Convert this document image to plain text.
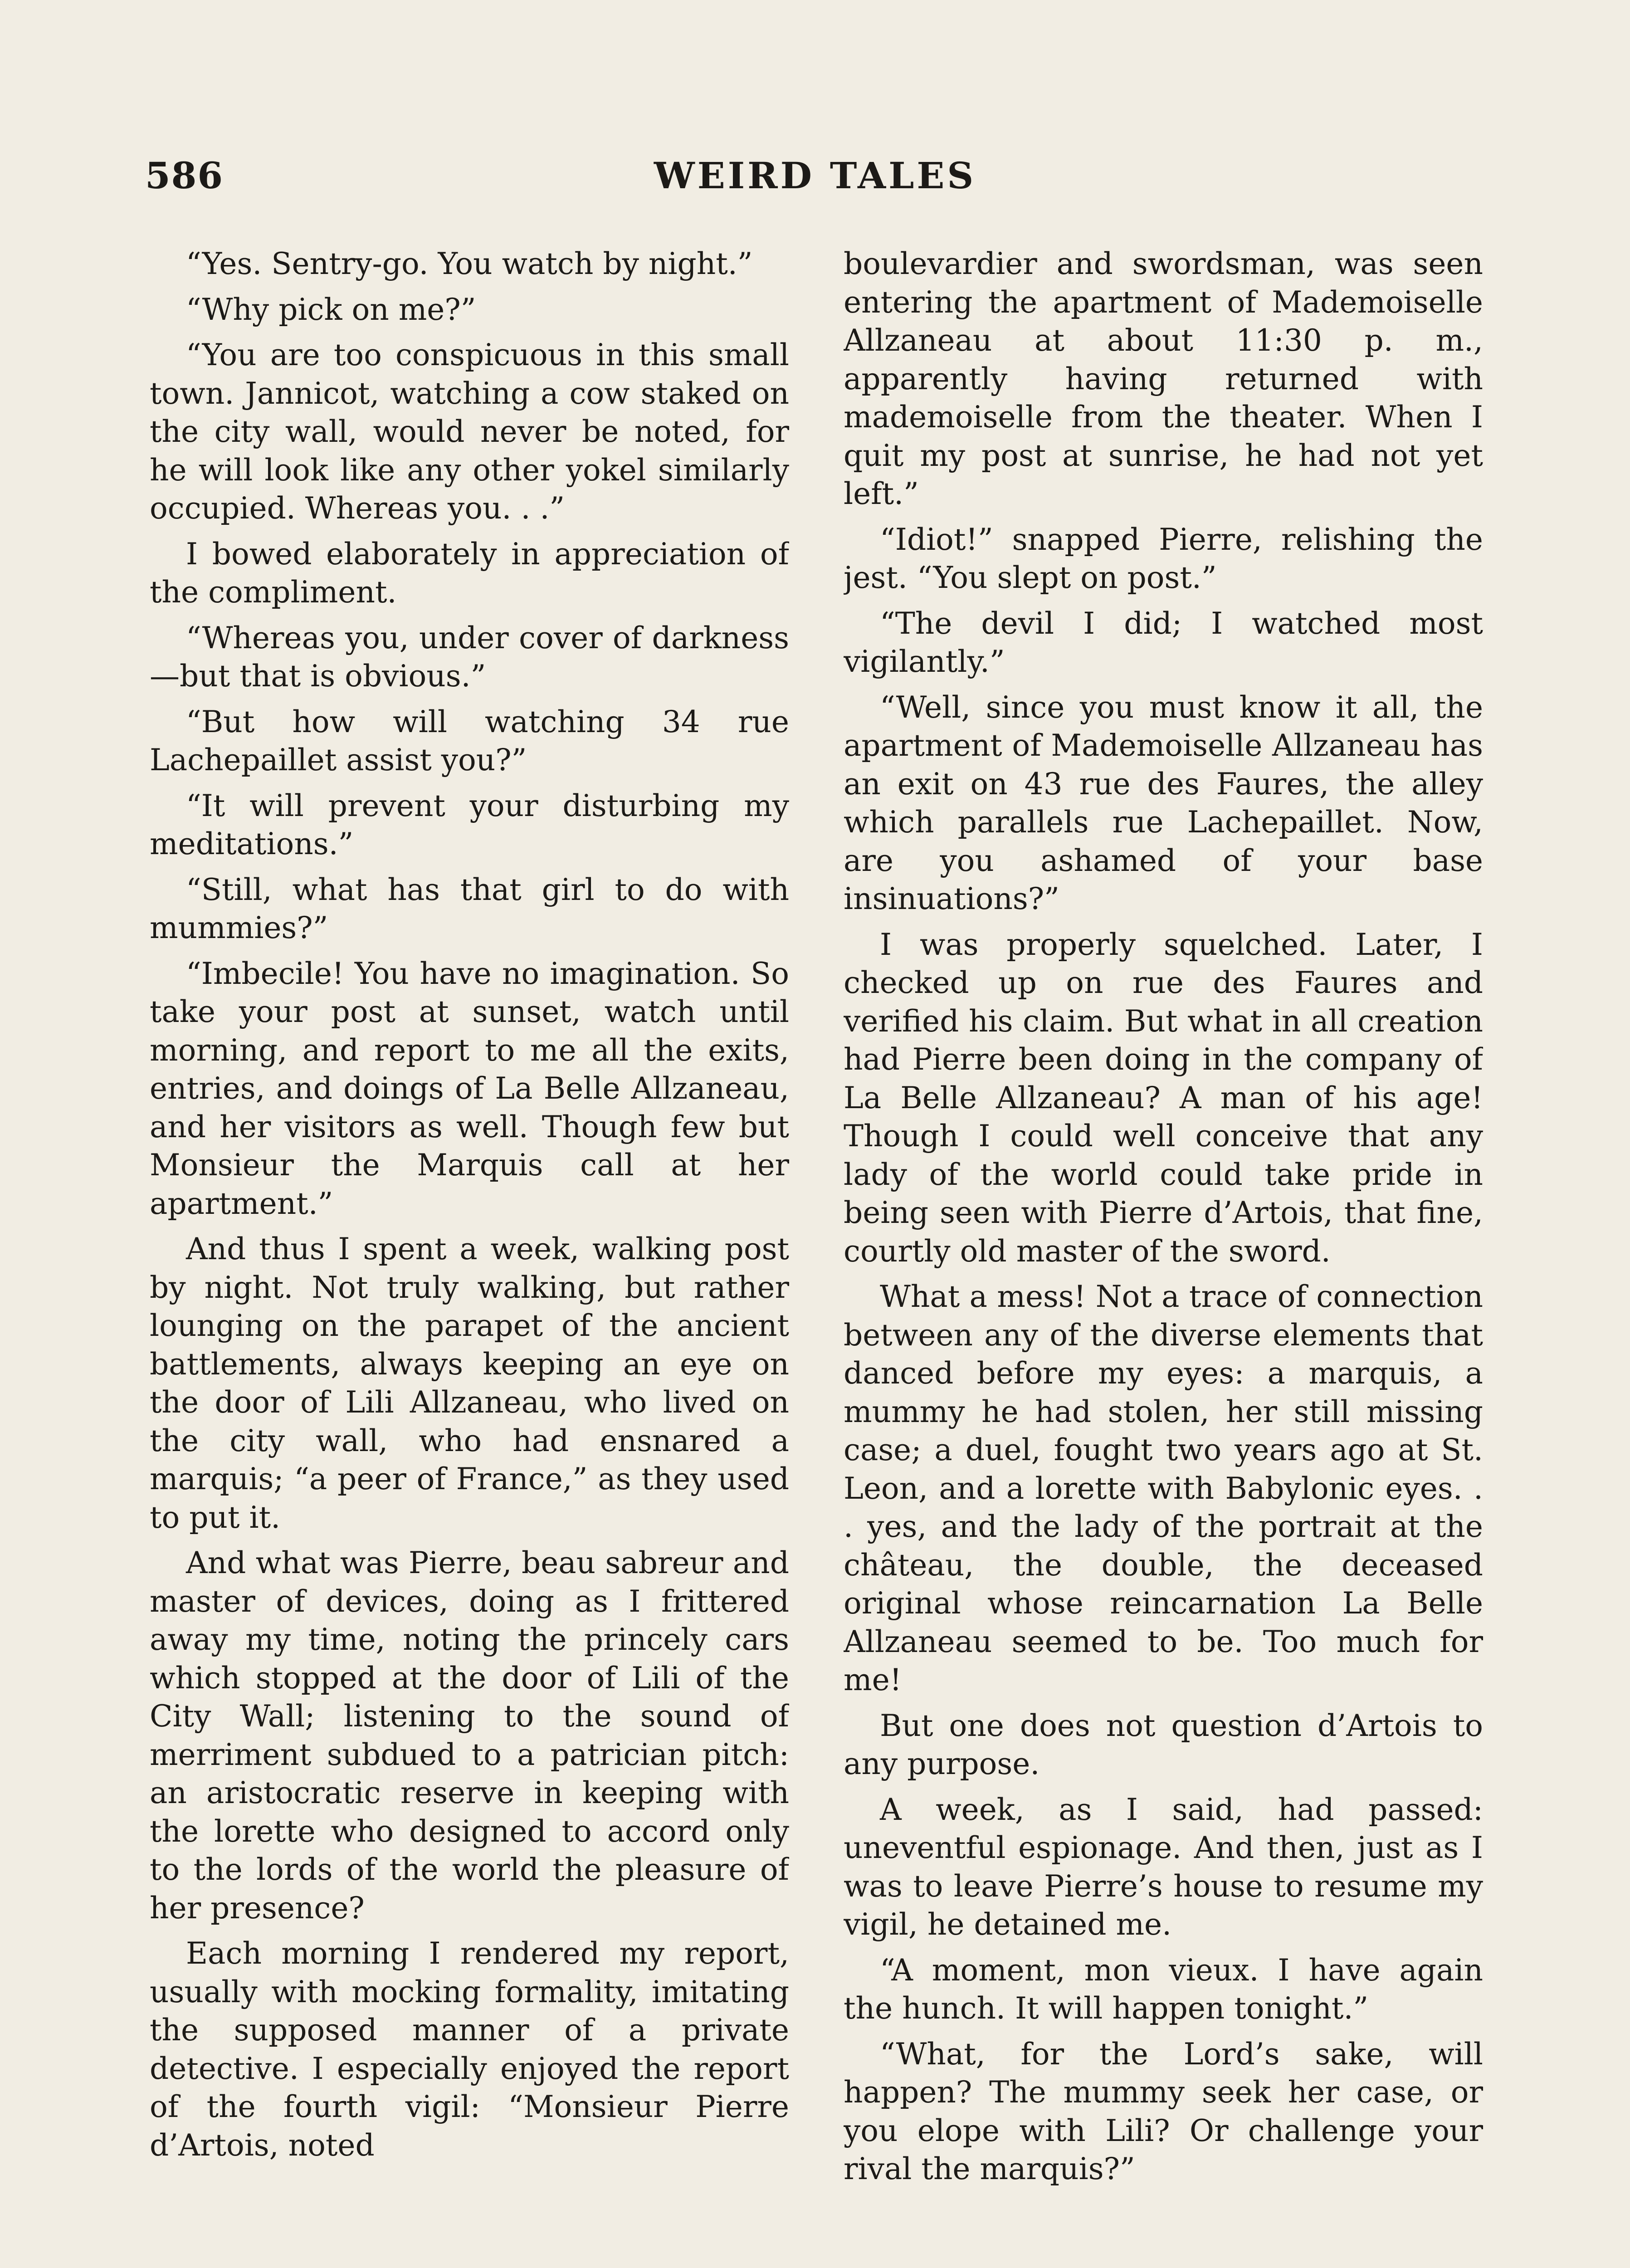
586	WEIRD TALES

“Yes. Sentry-go. You watch by night.”

“Why pick on me?”

“You are too conspicuous in this small town. Jannicot, watching a cow staked on the city wall, would never be noted, for he will look like any other yokel similarly occupied. Whereas you. . .”

I bowed elaborately in appreciation of the compliment.

“Whereas you, under cover of darkness—but that is obvious.”

“But how will watching 34 rue Lachepaillet assist you?”

“It will prevent your disturbing my meditations.”

“Still, what has that girl to do with mummies?”

“Imbecile! You have no imagination. So take your post at sunset, watch until morning, and report to me all the exits, entries, and doings of La Belle Allzaneau, and her visitors as well. Though few but Monsieur the Marquis call at her apartment.”

And thus I spent a week, walking post by night. Not truly walking, but rather lounging on the parapet of the ancient battlements, always keeping an eye on the door of Lili Allzaneau, who lived on the city wall, who had ensnared a marquis; “a peer of France,” as they used to put it.

And what was Pierre, beau sabreur and master of devices, doing as I frittered away my time, noting the princely cars which stopped at the door of Lili of the City Wall; listening to the sound of merriment subdued to a patrician pitch: an aristocratic reserve in keeping with the lorette who designed to accord only to the lords of the world the pleasure of her presence?

Each morning I rendered my report, usually with mocking formality, imitating the supposed manner of a private detective. I especially enjoyed the report of the fourth vigil: “Monsieur Pierre d’Artois, noted

boulevardier and swordsman, was seen entering the apartment of Mademoiselle Allzaneau at about 11:30 p. m., apparently having returned with mademoiselle from the theater. When I quit my post at sunrise, he had not yet left.”

“Idiot!” snapped Pierre, relishing the jest. “You slept on post.”

“The devil I did; I watched most vigilantly.”

“Well, since you must know it all, the apartment of Mademoiselle Allzaneau has an exit on 43 rue des Faures, the alley which parallels rue Lachepaillet. Now, are you ashamed of your base insinuations?”

I was properly squelched. Later, I checked up on rue des Faures and verified his claim. But what in all creation had Pierre been doing in the company of La Belle Allzaneau? A man of his age! Though I could well conceive that any lady of the world could take pride in being seen with Pierre d’Artois, that fine, courtly old master of the sword.

What a mess! Not a trace of connection between any of the diverse elements that danced before my eyes: a marquis, a mummy he had stolen, her still missing case; a duel, fought two years ago at St. Leon, and a lorette with Babylonic eyes. . . yes, and the lady of the portrait at the château, the double, the deceased original whose reincarnation La Belle Allzaneau seemed to be. Too much for me!

But one does not question d’Artois to any purpose.

A week, as I said, had passed: uneventful espionage. And then, just as I was to leave Pierre’s house to resume my vigil, he detained me.

“A moment, mon vieux. I have again the hunch. It will happen tonight.”

“What, for the Lord’s sake, will happen? The mummy seek her case, or you elope with Lili? Or challenge your rival the marquis?”
